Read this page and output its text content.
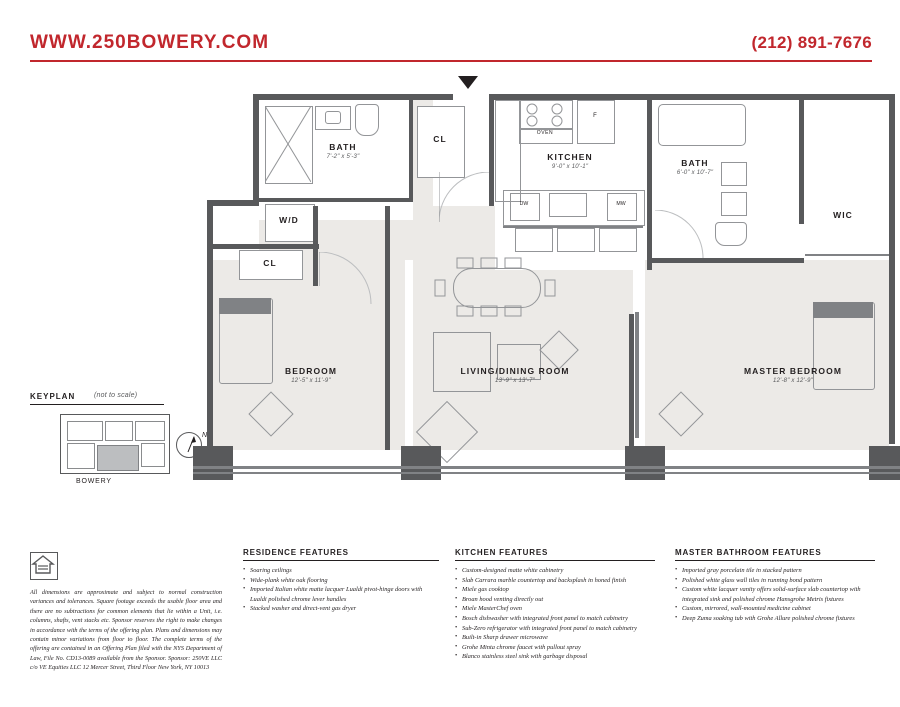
WWW.250BOWERY.COM	(212) 891-7676
BATH
7'-2" x 5'-3"
CL
OVEN
F
KITCHEN
9'-0" x 10'-1"
DW	MW
BATH
6'-0" x 10'-7"
WIC
W/D
CL
BEDROOM
12'-5" x 11'-9"
LIVING/DINING ROOM
13'-9" x 13'-7"
MASTER BEDROOM
12'-8" x 12'-9"
KEYPLAN	(not to scale)
BOWERY
N
All dimensions are approximate and subject to normal construction variances and tolerances. Square footage exceeds the usable floor area and there are no subtractions for common elements that lie within a Unit, i.e. columns, shafts, vent stacks etc. Sponsor reserves the right to make changes in accordance with the terms of the offering plan. Plans and dimensions may contain minor variations from floor to floor. The complete terms of the offering are contained in an Offering Plan filed with the NYS Department of Law, File No. CD13-0089 available from the Sponsor. Sponsor: 250VE LLC c/o VE Equities LLC 12 Mercer Street, Third Floor New York, NY 10013
RESIDENCE FEATURES
• Soaring ceilings
• Wide-plank white oak flooring
• Imported Italian white matte lacquer Lualdi pivot-hinge doors with Lualdi polished chrome lever handles
• Stacked washer and direct-vent gas dryer
KITCHEN FEATURES
• Custom-designed matte white cabinetry
• Slab Carrara marble countertop and backsplash in honed finish
• Miele gas cooktop
• Broan hood venting directly out
• Miele MasterChef oven
• Bosch dishwasher with integrated front panel to match cabinetry
• Sub-Zero refrigerator with integrated front panel to match cabinetry
• Built-in Sharp drawer microwave
• Grohe Minta chrome faucet with pullout spray
• Blanco stainless steel sink with garbage disposal
MASTER BATHROOM FEATURES
• Imported gray porcelain tile in stacked pattern
• Polished white glass wall tiles in running bond pattern
• Custom white lacquer vanity offers solid-surface slab countertop with integrated sink and polished chrome Hansgrohe Metris fixtures
• Custom, mirrored, wall-mounted medicine cabinet
• Deep Zuma soaking tub with Grohe Allure polished chrome fixtures
